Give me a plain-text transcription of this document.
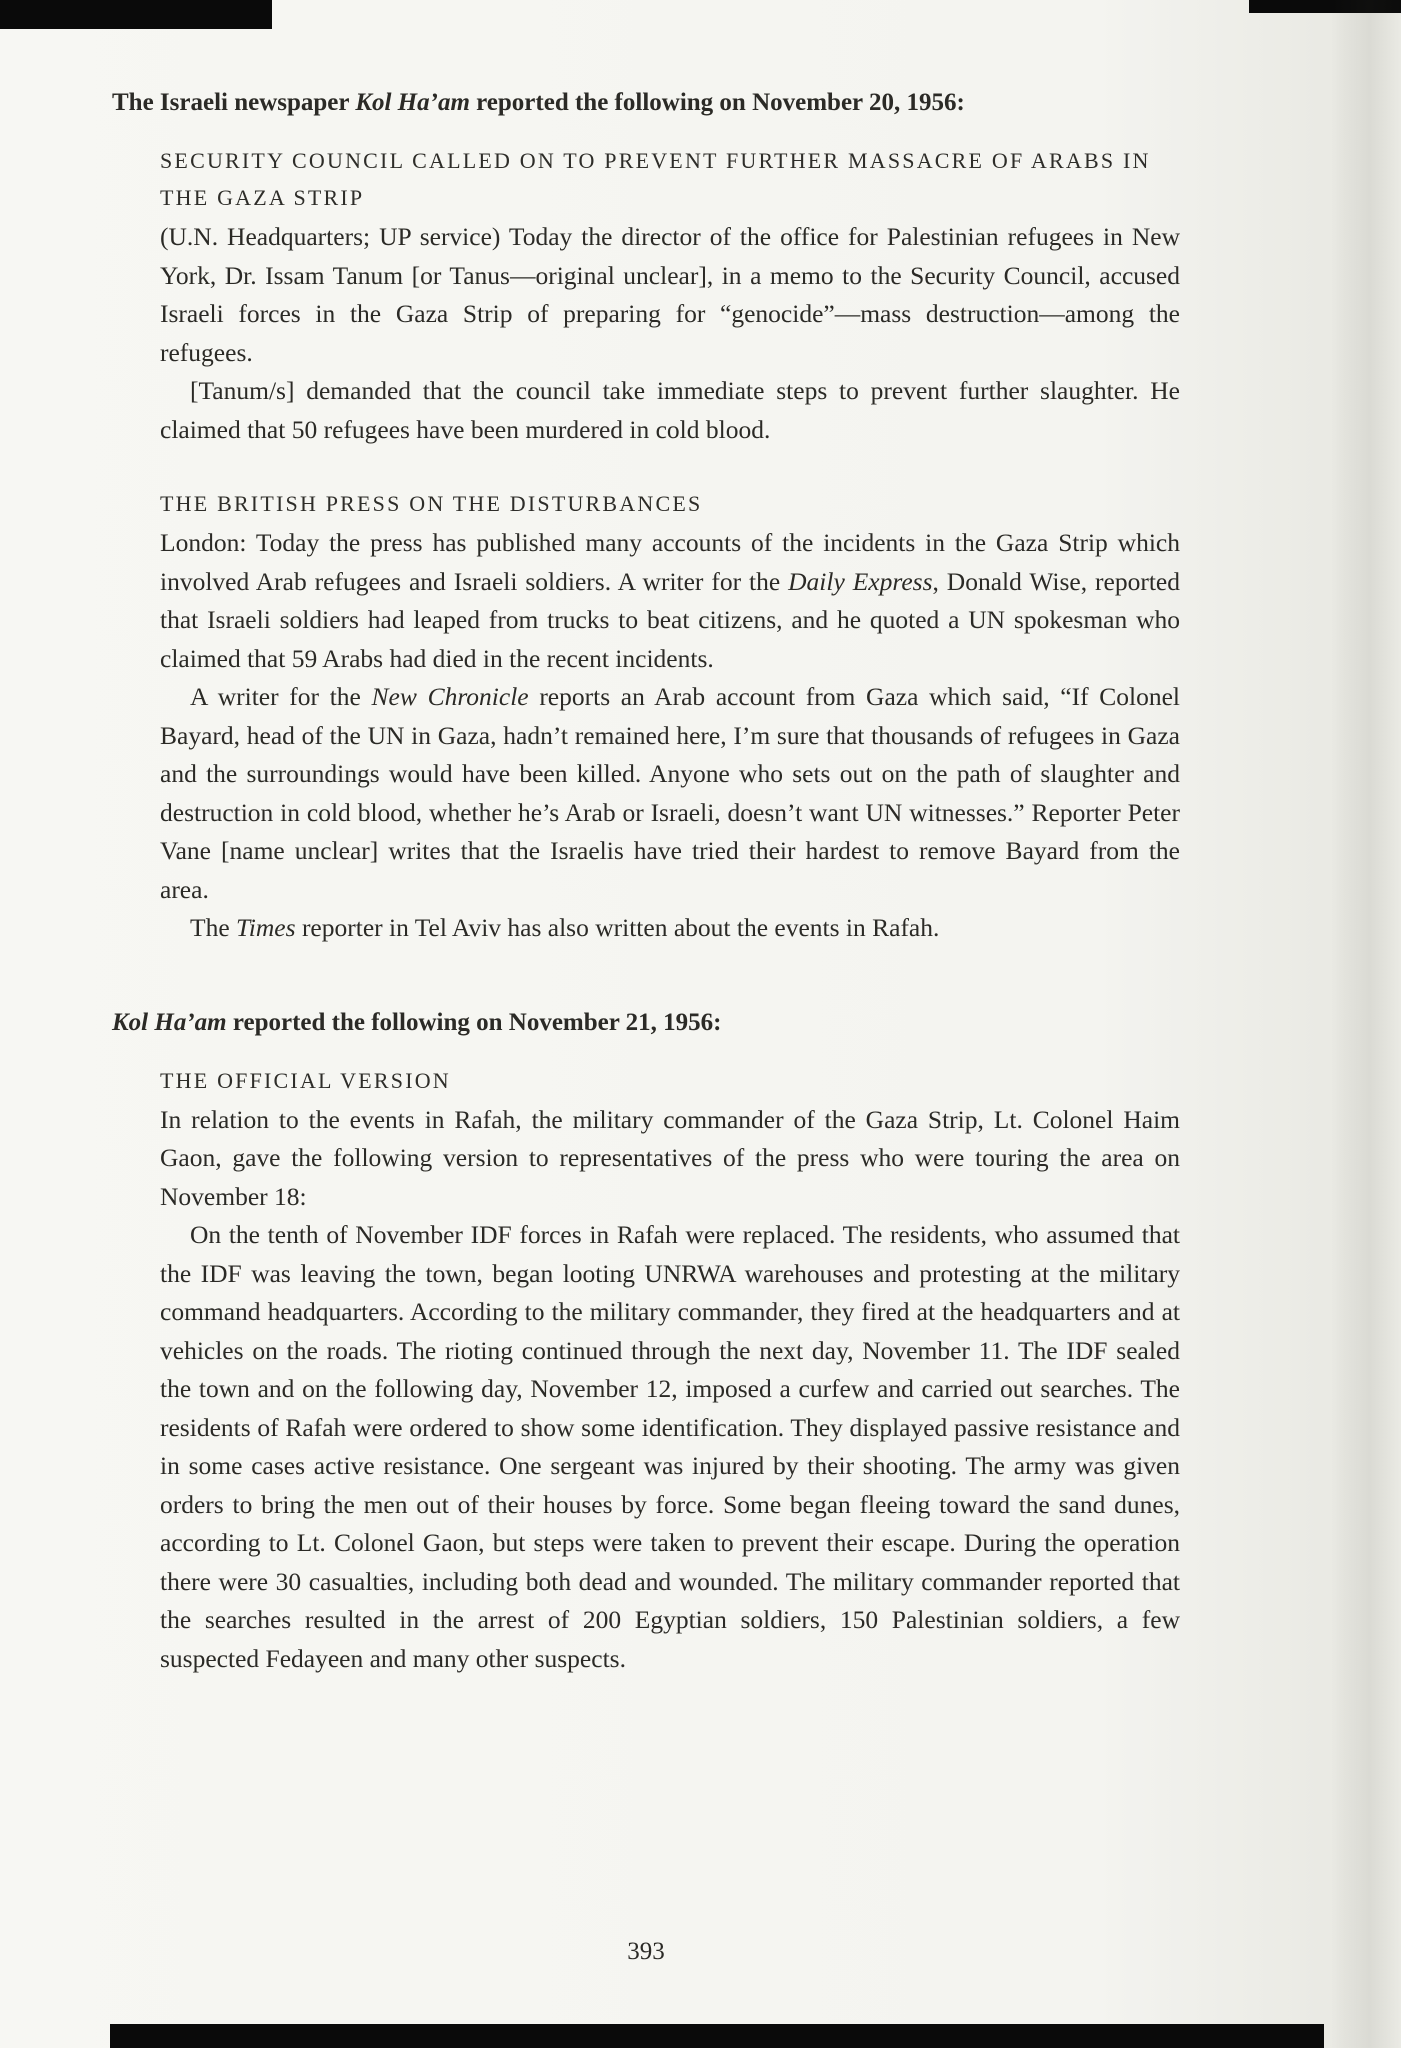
The Israeli newspaper Kol Ha’am reported the following on November 20, 1956:
SECURITY COUNCIL CALLED ON TO PREVENT FURTHER MASSACRE OF ARABS IN THE GAZA STRIP
(U.N. Headquarters; UP service) Today the director of the office for Palestinian refugees in New York, Dr. Issam Tanum [or Tanus—original unclear], in a memo to the Security Council, accused Israeli forces in the Gaza Strip of preparing for “genocide”—mass destruction—among the refugees.
[Tanum/s] demanded that the council take immediate steps to prevent further slaughter. He claimed that 50 refugees have been murdered in cold blood.
THE BRITISH PRESS ON THE DISTURBANCES
London: Today the press has published many accounts of the incidents in the Gaza Strip which involved Arab refugees and Israeli soldiers. A writer for the Daily Express, Donald Wise, reported that Israeli soldiers had leaped from trucks to beat citizens, and he quoted a UN spokesman who claimed that 59 Arabs had died in the recent incidents.
A writer for the New Chronicle reports an Arab account from Gaza which said, “If Colonel Bayard, head of the UN in Gaza, hadn’t remained here, I’m sure that thousands of refugees in Gaza and the surroundings would have been killed. Anyone who sets out on the path of slaughter and destruction in cold blood, whether he’s Arab or Israeli, doesn’t want UN witnesses.” Reporter Peter Vane [name unclear] writes that the Israelis have tried their hardest to remove Bayard from the area.
The Times reporter in Tel Aviv has also written about the events in Rafah.
Kol Ha’am reported the following on November 21, 1956:
THE OFFICIAL VERSION
In relation to the events in Rafah, the military commander of the Gaza Strip, Lt. Colonel Haim Gaon, gave the following version to representatives of the press who were touring the area on November 18:
On the tenth of November IDF forces in Rafah were replaced. The residents, who assumed that the IDF was leaving the town, began looting UNRWA warehouses and protesting at the military command headquarters. According to the military commander, they fired at the headquarters and at vehicles on the roads. The rioting continued through the next day, November 11. The IDF sealed the town and on the following day, November 12, imposed a curfew and carried out searches. The residents of Rafah were ordered to show some identification. They displayed passive resistance and in some cases active resistance. One sergeant was injured by their shooting. The army was given orders to bring the men out of their houses by force. Some began fleeing toward the sand dunes, according to Lt. Colonel Gaon, but steps were taken to prevent their escape. During the operation there were 30 casualties, including both dead and wounded. The military commander reported that the searches resulted in the arrest of 200 Egyptian soldiers, 150 Palestinian soldiers, a few suspected Fedayeen and many other suspects.
393
